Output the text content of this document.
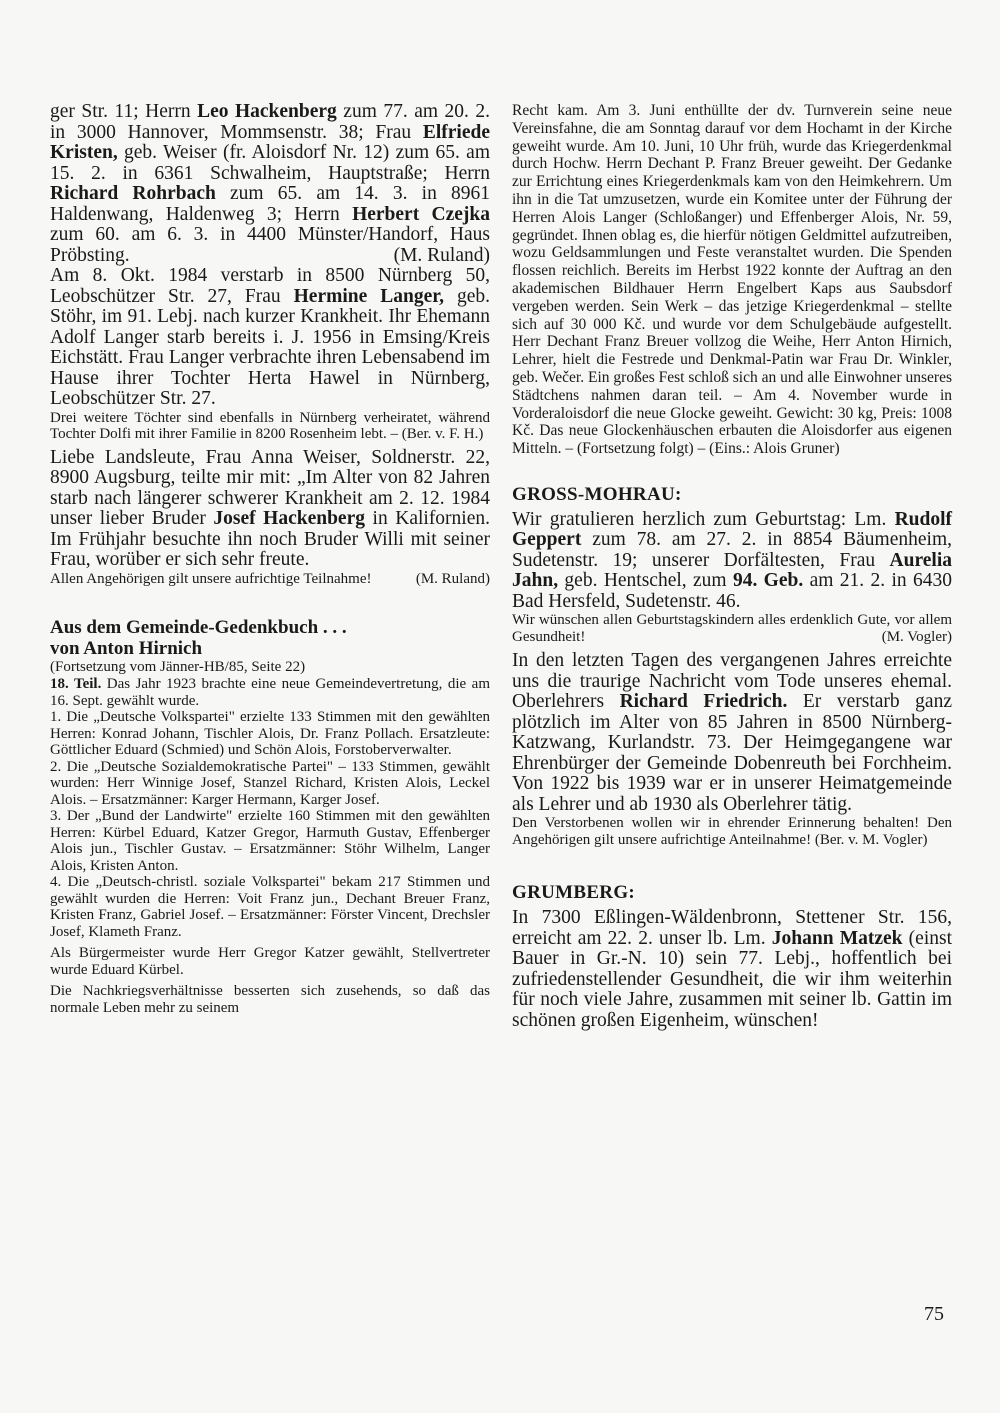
ger Str. 11; Herrn Leo Hackenberg zum 77. am 20. 2. in 3000 Hannover, Mommsenstr. 38; Frau Elfriede Kristen, geb. Weiser (fr. Aloisdorf Nr. 12) zum 65. am 15. 2. in 6361 Schwalheim, Hauptstraße; Herrn Richard Rohrbach zum 65. am 14. 3. in 8961 Haldenwang, Haldenweg 3; Herrn Herbert Czejka zum 60. am 6. 3. in 4400 Münster/Handorf, Haus Pröbsting.	(M. Ruland)

Am 8. Okt. 1984 verstarb in 8500 Nürnberg 50, Leobschützer Str. 27, Frau Hermine Langer, geb. Stöhr, im 91. Lebj. nach kurzer Krankheit. Ihr Ehemann Adolf Langer starb bereits i. J. 1956 in Emsing/Kreis Eichstätt. Frau Langer verbrachte ihren Lebensabend im Hause ihrer Tochter Herta Hawel in Nürnberg, Leobschützer Str. 27.

Drei weitere Töchter sind ebenfalls in Nürnberg verheiratet, während Tochter Dolfi mit ihrer Familie in 8200 Rosenheim lebt. – (Ber. v. F. H.)

Liebe Landsleute, Frau Anna Weiser, Soldnerstr. 22, 8900 Augsburg, teilte mir mit: „Im Alter von 82 Jahren starb nach längerer schwerer Krankheit am 2. 12. 1984 unser lieber Bruder Josef Hackenberg in Kalifornien. Im Frühjahr besuchte ihn noch Bruder Willi mit seiner Frau, worüber er sich sehr freute.

Allen Angehörigen gilt unsere aufrichtige Teilnahme!	(M. Ruland)

Aus dem Gemeinde-Gedenkbuch . . .
von Anton Hirnich
(Fortsetzung vom Jänner-HB/85, Seite 22)

18. Teil. Das Jahr 1923 brachte eine neue Gemeindevertretung, die am 16. Sept. gewählt wurde.

1. Die „Deutsche Volkspartei" erzielte 133 Stimmen mit den gewählten Herren: Konrad Johann, Tischler Alois, Dr. Franz Pollach. Ersatzleute: Göttlicher Eduard (Schmied) und Schön Alois, Forstoberverwalter.

2. Die „Deutsche Sozialdemokratische Partei" – 133 Stimmen, gewählt wurden: Herr Winnige Josef, Stanzel Richard, Kristen Alois, Leckel Alois. – Ersatzmänner: Karger Hermann, Karger Josef.

3. Der „Bund der Landwirte" erzielte 160 Stimmen mit den gewählten Herren: Kürbel Eduard, Katzer Gregor, Harmuth Gustav, Effenberger Alois jun., Tischler Gustav. – Ersatzmänner: Stöhr Wilhelm, Langer Alois, Kristen Anton.

4. Die „Deutsch-christl. soziale Volkspartei" bekam 217 Stimmen und gewählt wurden die Herren: Voit Franz jun., Dechant Breuer Franz, Kristen Franz, Gabriel Josef. – Ersatzmänner: Förster Vincent, Drechsler Josef, Klameth Franz.

Als Bürgermeister wurde Herr Gregor Katzer gewählt, Stellvertreter wurde Eduard Kürbel.

Die Nachkriegsverhältnisse besserten sich zusehends, so daß das normale Leben mehr zu seinem

Recht kam. Am 3. Juni enthüllte der dv. Turnverein seine neue Vereinsfahne, die am Sonntag darauf vor dem Hochamt in der Kirche geweiht wurde. Am 10. Juni, 10 Uhr früh, wurde das Kriegerdenkmal durch Hochw. Herrn Dechant P. Franz Breuer geweiht. Der Gedanke zur Errichtung eines Kriegerdenkmals kam von den Heimkehrern. Um ihn in die Tat umzusetzen, wurde ein Komitee unter der Führung der Herren Alois Langer (Schloßanger) und Effenberger Alois, Nr. 59, gegründet. Ihnen oblag es, die hierfür nötigen Geldmittel aufzutreiben, wozu Geldsammlungen und Feste veranstaltet wurden. Die Spenden flossen reichlich. Bereits im Herbst 1922 konnte der Auftrag an den akademischen Bildhauer Herrn Engelbert Kaps aus Saubsdorf vergeben werden. Sein Werk – das jetzige Kriegerdenkmal – stellte sich auf 30 000 Kč. und wurde vor dem Schulgebäude aufgestellt. Herr Dechant Franz Breuer vollzog die Weihe, Herr Anton Hirnich, Lehrer, hielt die Festrede und Denkmal-Patin war Frau Dr. Winkler, geb. Wečer. Ein großes Fest schloß sich an und alle Einwohner unseres Städtchens nahmen daran teil. – Am 4. November wurde in Vorderaloisdorf die neue Glocke geweiht. Gewicht: 30 kg, Preis: 1008 Kč. Das neue Glockenhäuschen erbauten die Aloisdorfer aus eigenen Mitteln. – (Fortsetzung folgt) – (Eins.: Alois Gruner)

GROSS-MOHRAU:

Wir gratulieren herzlich zum Geburtstag: Lm. Rudolf Geppert zum 78. am 27. 2. in 8854 Bäumenheim, Sudetenstr. 19; unserer Dorfältesten, Frau Aurelia Jahn, geb. Hentschel, zum 94. Geb. am 21. 2. in 6430 Bad Hersfeld, Sudetenstr. 46.

Wir wünschen allen Geburtstagskindern alles erdenklich Gute, vor allem Gesundheit!	(M. Vogler)

In den letzten Tagen des vergangenen Jahres erreichte uns die traurige Nachricht vom Tode unseres ehemal. Oberlehrers Richard Friedrich. Er verstarb ganz plötzlich im Alter von 85 Jahren in 8500 Nürnberg-Katzwang, Kurlandstr. 73. Der Heimgegangene war Ehrenbürger der Gemeinde Dobenreuth bei Forchheim. Von 1922 bis 1939 war er in unserer Heimatgemeinde als Lehrer und ab 1930 als Oberlehrer tätig.

Den Verstorbenen wollen wir in ehrender Erinnerung behalten! Den Angehörigen gilt unsere aufrichtige Anteilnahme! (Ber. v. M. Vogler)

GRUMBERG:

In 7300 Eßlingen-Wäldenbronn, Stettener Str. 156, erreicht am 22. 2. unser lb. Lm. Johann Matzek (einst Bauer in Gr.-N. 10) sein 77. Lebj., hoffentlich bei zufriedenstellender Gesundheit, die wir ihm weiterhin für noch viele Jahre, zusammen mit seiner lb. Gattin im schönen großen Eigenheim, wünschen!

75
